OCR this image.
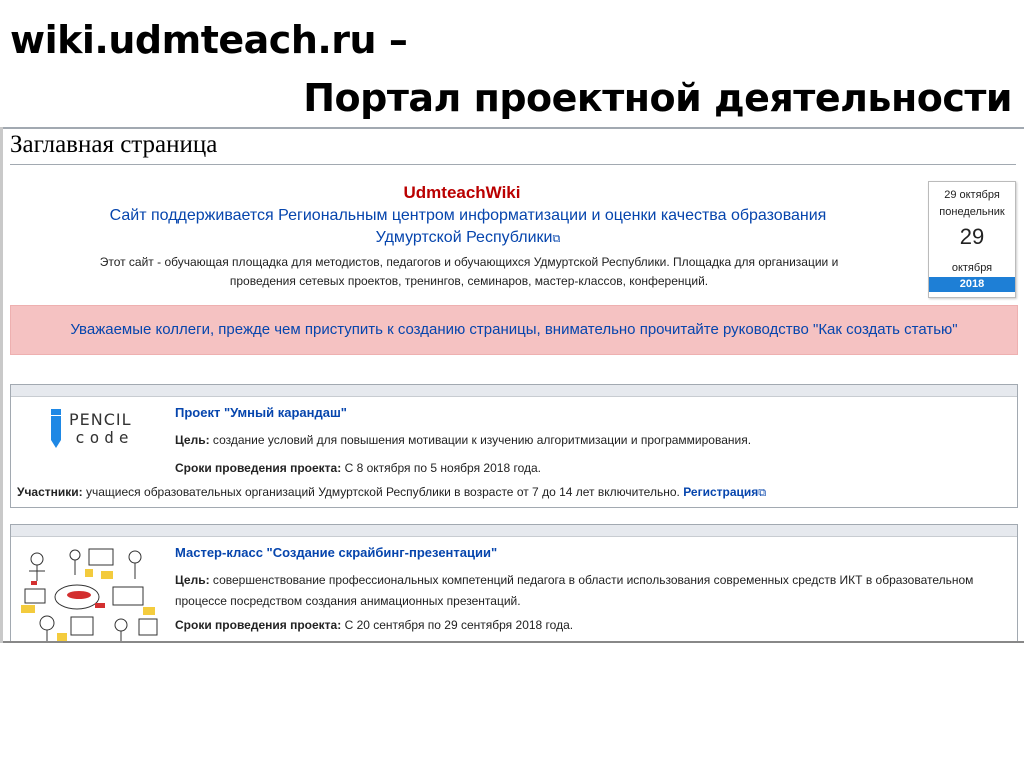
wiki.udmteach.ru –
Портал проектной деятельности
Заглавная страница
UdmteachWiki
Сайт поддерживается Региональным центром информатизации и оценки качества образования
Удмуртской Республики⧉
Этот сайт - обучающая площадка для методистов, педагогов и обучающихся Удмуртской Республики. Площадка для организации и
проведения сетевых проектов, тренингов, семинаров, мастер-классов, конференций.
29 октября
понедельник
29
октября
2018
Уважаемые коллеги, прежде чем приступить к созданию страницы, внимательно прочитайте руководство "Как создать статью"
PENCIL
code
Проект "Умный карандаш"
Цель: создание условий для повышения мотивации к изучению алгоритмизации и программирования.
Сроки проведения проекта: С 8 октября по 5 ноября 2018 года.
Участники: учащиеся образовательных организаций Удмуртской Республики в возрасте от 7 до 14 лет включительно. Регистрация⧉
Мастер-класс "Создание скрайбинг-презентации"
Цель: совершенствование профессиональных компетенций педагога в области использования современных средств ИКТ в образовательном
процессе посредством создания анимационных презентаций.
Сроки проведения проекта: С 20 сентября по 29 сентября 2018 года.
